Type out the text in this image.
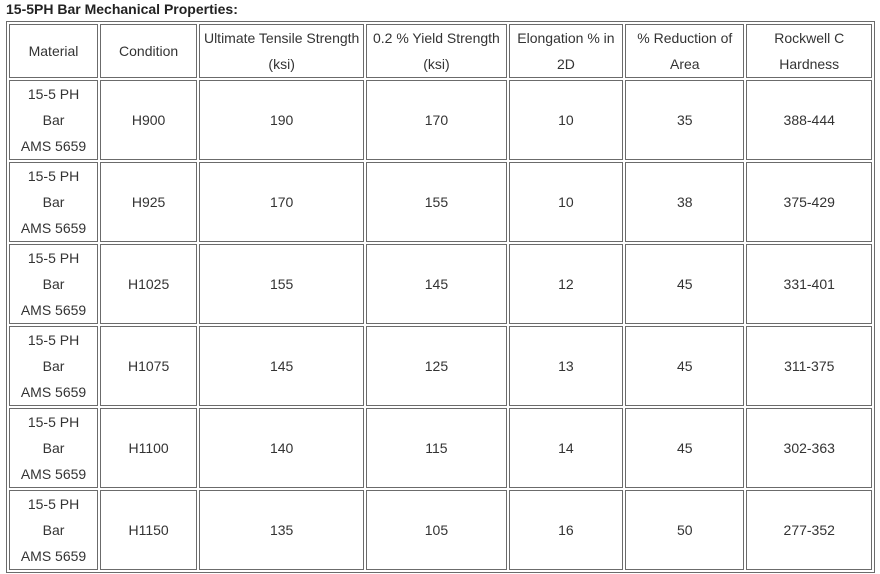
15-5PH Bar Mechanical Properties:
Material	Condition	Ultimate Tensile Strength (ksi)	0.2 % Yield Strength (ksi)	Elongation % in 2D	% Reduction of Area	Rockwell C Hardness

15-5 PH
Bar
AMS 5659	H900	190	170	10	35	388-444

15-5 PH
Bar
AMS 5659	H925	170	155	10	38	375-429

15-5 PH
Bar
AMS 5659	H1025	155	145	12	45	331-401

15-5 PH
Bar
AMS 5659	H1075	145	125	13	45	311-375

15-5 PH
Bar
AMS 5659	H1100	140	115	14	45	302-363

15-5 PH
Bar
AMS 5659	H1150	135	105	16	50	277-352
